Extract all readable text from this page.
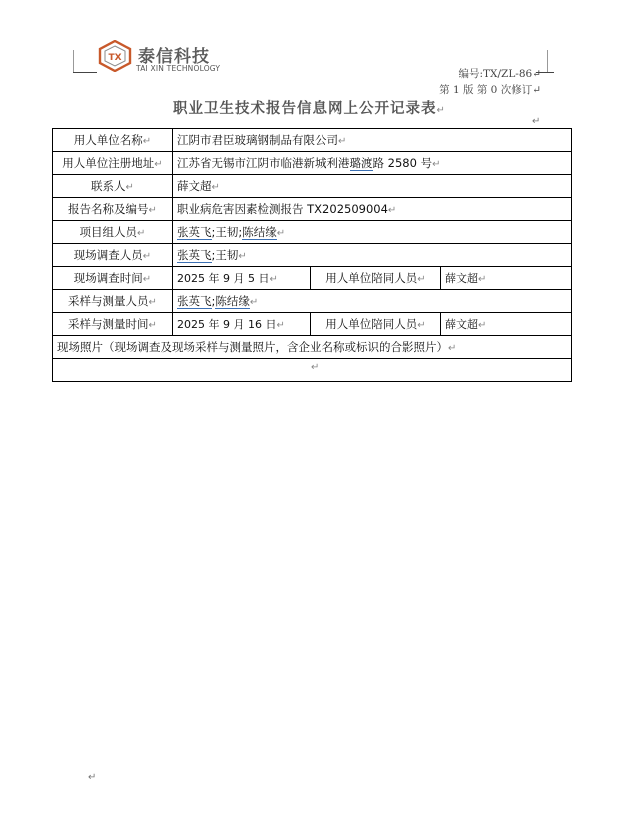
TX 泰信科技
TAI XIN TECHNOLOGY	编号:TX/ZL-86↵
第 1 版 第 0 次修订↵
职业卫生技术报告信息网上公开记录表↵
↵
用人单位名称↵	江阴市君臣玻璃钢制品有限公司↵		
用人单位注册地址↵	江苏省无锡市江阴市临港新城利港璐渡路 2580 号↵		
联系人↵	薛文超↵		
报告名称及编号↵	职业病危害因素检测报告 TX202509004↵		
项目组人员↵	张英飞;王韧;陈结缘↵		
现场调查人员↵	张英飞;王韧↵		
现场调查时间↵	2025 年 9 月 5 日↵	用人单位陪同人员↵	薛文超↵
采样与测量人员↵	张英飞;陈结缘↵		
采样与测量时间↵	2025 年 9 月 16 日↵	用人单位陪同人员↵	薛文超↵
现场照片（现场调查及现场采样与测量照片，含企业名称或标识的合影照片）↵			

↵			
↵
